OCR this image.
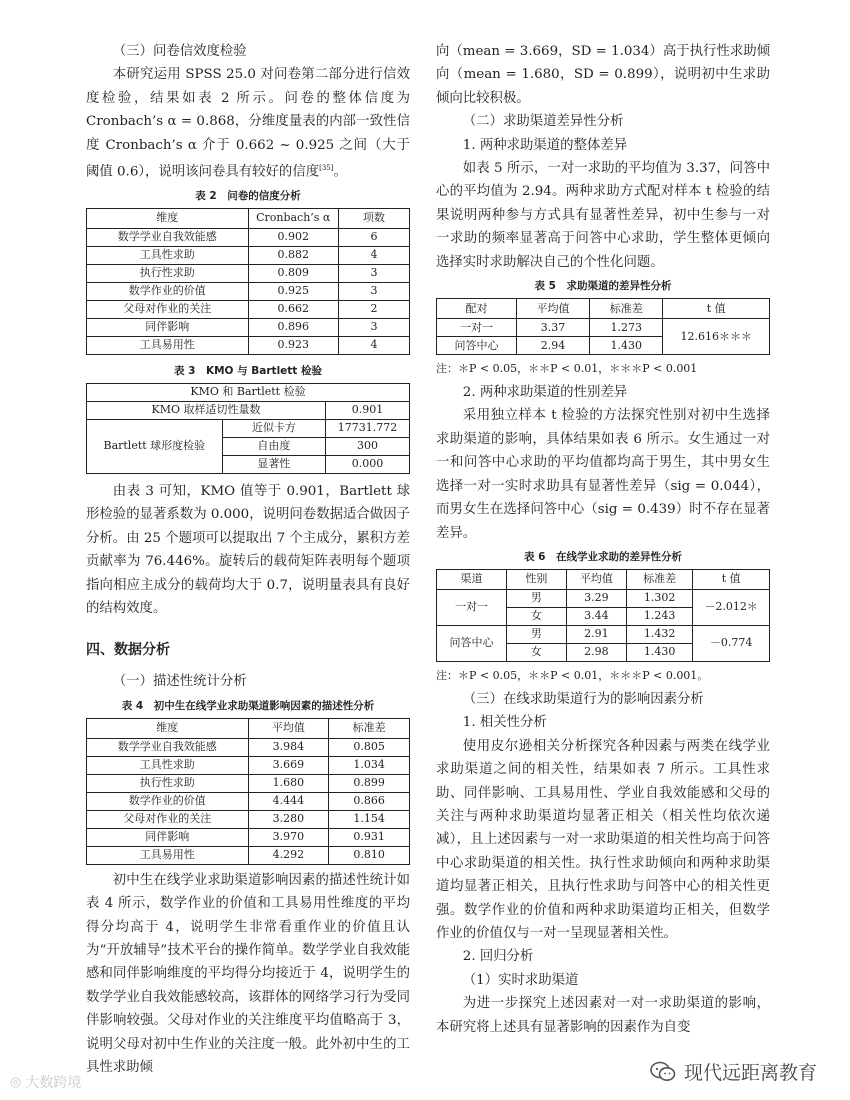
（三）问卷信效度检验

本研究运用 SPSS 25.0 对问卷第二部分进行信效度检验，结果如表 2 所示。问卷的整体信度为 Cronbach’s α = 0.868，分维度量表的内部一致性信度 Cronbach’s α 介于 0.662 ~ 0.925 之间（大于阈值 0.6），说明该问卷具有较好的信度[35]。

表 2　问卷的信度分析
维度	Cronbach’s α	项数
数学学业自我效能感	0.902	6
工具性求助	0.882	4
执行性求助	0.809	3
数学作业的价值	0.925	3
父母对作业的关注	0.662	2
同伴影响	0.896	3
工具易用性	0.923	4
表 3　KMO 与 Bartlett 检验
KMO 和 Bartlett 检验		
KMO 取样适切性量数		0.901
Bartlett 球形度检验	近似卡方	17731.772
	自由度	300
	显著性	0.000

由表 3 可知，KMO 值等于 0.901，Bartlett 球形检验的显著系数为 0.000，说明问卷数据适合做因子分析。由 25 个题项可以提取出 7 个主成分，累积方差贡献率为 76.446%。旋转后的载荷矩阵表明每个题项指向相应主成分的载荷均大于 0.7，说明量表具有良好的结构效度。

四、数据分析

（一）描述性统计分析

表 4　初中生在线学业求助渠道影响因素的描述性分析
维度	平均值	标准差
数学学业自我效能感	3.984	0.805
工具性求助	3.669	1.034
执行性求助	1.680	0.899
数学作业的价值	4.444	0.866
父母对作业的关注	3.280	1.154
同伴影响	3.970	0.931
工具易用性	4.292	0.810

初中生在线学业求助渠道影响因素的描述性统计如表 4 所示，数学作业的价值和工具易用性维度的平均得分均高于 4，说明学生非常看重作业的价值且认为“开放辅导”技术平台的操作简单。数学学业自我效能感和同伴影响维度的平均得分均接近于 4，说明学生的数学学业自我效能感较高，该群体的网络学习行为受同伴影响较强。父母对作业的关注维度平均值略高于 3，说明父母对初中生作业的关注度一般。此外初中生的工具性求助倾

向（mean = 3.669，SD = 1.034）高于执行性求助倾向（mean = 1.680，SD = 0.899），说明初中生求助倾向比较积极。

（二）求助渠道差异性分析

1. 两种求助渠道的整体差异

如表 5 所示，一对一求助的平均值为 3.37，问答中心的平均值为 2.94。两种求助方式配对样本 t 检验的结果说明两种参与方式具有显著性差异，初中生参与一对一求助的频率显著高于问答中心求助，学生整体更倾向选择实时求助解决自己的个性化问题。

表 5　求助渠道的差异性分析
配对	平均值	标准差	t 值
一对一	3.37	1.273	12.616＊＊＊
问答中心	2.94	1.430	
注：＊P < 0.05，＊＊P < 0.01，＊＊＊P < 0.001

2. 两种求助渠道的性别差异

采用独立样本 t 检验的方法探究性别对初中生选择求助渠道的影响，具体结果如表 6 所示。女生通过一对一和问答中心求助的平均值都均高于男生，其中男女生选择一对一实时求助具有显著性差异（sig = 0.044），而男女生在选择问答中心（sig = 0.439）时不存在显著差异。

表 6　在线学业求助的差异性分析
渠道	性别	平均值	标准差	t 值
一对一	男	3.29	1.302	－2.012＊
	女	3.44	1.243	
问答中心	男	2.91	1.432	－0.774
	女	2.98	1.430	
注：＊P < 0.05，＊＊P < 0.01，＊＊＊P < 0.001。

（三）在线求助渠道行为的影响因素分析

1. 相关性分析

使用皮尔逊相关分析探究各种因素与两类在线学业求助渠道之间的相关性，结果如表 7 所示。工具性求助、同伴影响、工具易用性、学业自我效能感和父母的关注与两种求助渠道均显著正相关（相关性均依次递减），且上述因素与一对一求助渠道的相关性均高于问答中心求助渠道的相关性。执行性求助倾向和两种求助渠道均显著正相关，且执行性求助与问答中心的相关性更强。数学作业的价值和两种求助渠道均正相关，但数学作业的价值仅与一对一呈现显著相关性。

2. 回归分析

（1）实时求助渠道

为进一步探究上述因素对一对一求助渠道的影响，本研究将上述具有显著影响的因素作为自变

◎ 大数跨境	现代远距离教育
